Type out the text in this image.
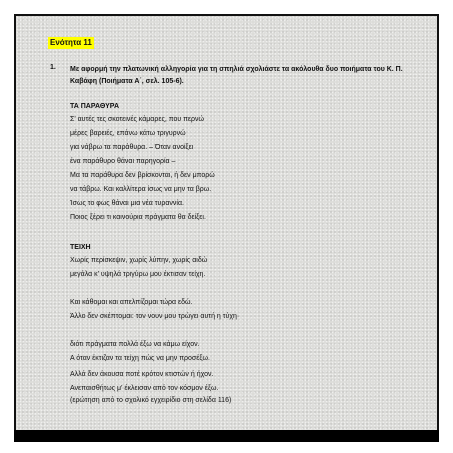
Ενότητα 11
1. Με αφορμή την πλατωνική αλληγορία για τη σπηλιά σχολιάστε τα ακόλουθα δυο ποιήματα του Κ. Π. Καβάφη (Ποιήματα Α΄, σελ. 105-6).
ΤΑ ΠΑΡΑΘΥΡΑ
Σ' αυτές τες σκοτεινές κάμαρες, που περνώ
μέρες βαρειές, επάνω κάτω τριγυρνώ
για νάβρω τα παράθυρα. – Όταν ανοίξει
ένα παράθυρο θάναι παρηγορία –
Μα τα παράθυρα δεν βρίσκονται, ή δεν μπορώ
να τάβρω. Και καλλίτερα ίσως να μην τα βρω.
Ίσως το φως θάναι μια νέα τυραννία.
Ποιος ξέρει τι καινούρια πράγματα θα δείξει.
ΤΕΙΧΗ
Χωρίς περίσκεψιν, χωρίς λύπην, χωρίς αιδώ
μεγάλα κ' υψηλά τριγύρω μου έκτισαν τείχη.
Και κάθομαι και απελπίζομαι τώρα εδώ.
Άλλο δεν σκέπτομαι: τον νουν μου τρώγει αυτή η τύχη·
διότι πράγματα πολλά έξω να κάμω είχον.
Α όταν έκτιζαν τα τείχη πώς να μην προσέξω.
Αλλά δεν άκουσα ποτέ κρότον κτιστών ή ήχον.
Ανεπαισθήτως μ' έκλεισαν από τον κόσμον έξω.
(ερώτηση από το σχολικό εγχειρίδιο στη σελίδα 116)
